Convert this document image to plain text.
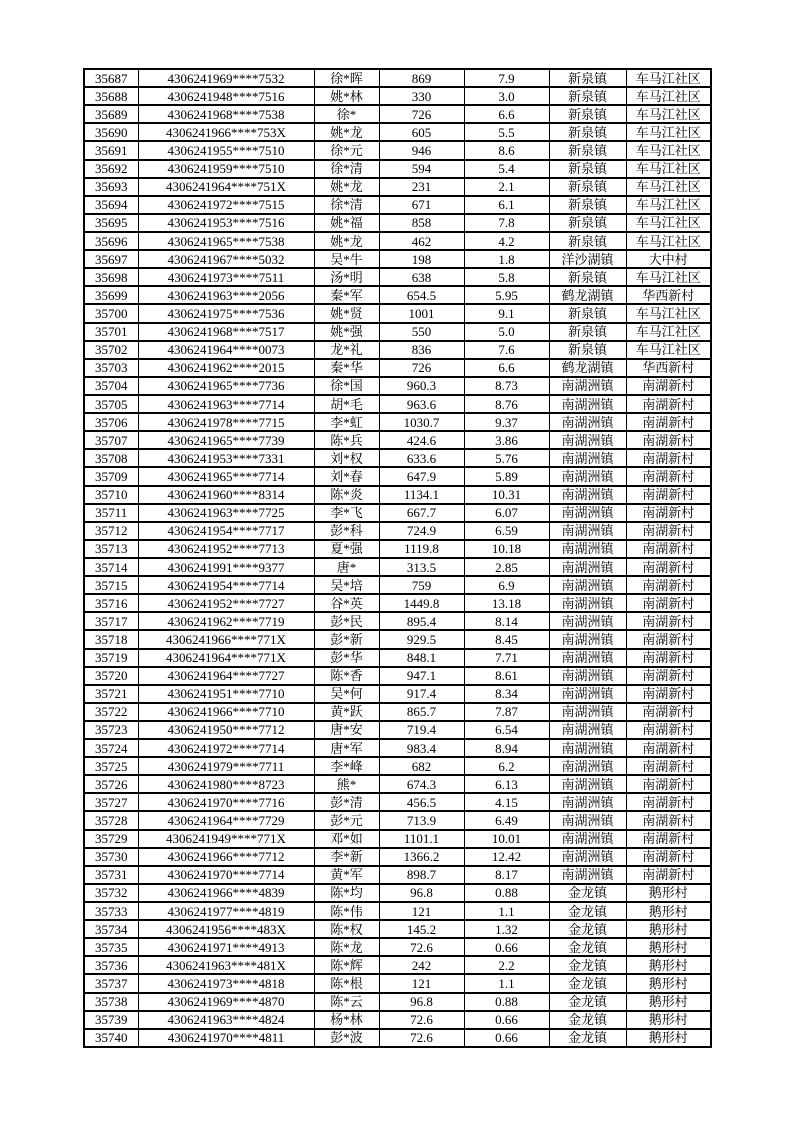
35687	4306241969****7532	徐*晖	869	7.9	新泉镇	车马江社区
35688	4306241948****7516	姚*林	330	3.0	新泉镇	车马江社区
35689	4306241968****7538	徐*	726	6.6	新泉镇	车马江社区
35690	4306241966****753X	姚*龙	605	5.5	新泉镇	车马江社区
35691	4306241955****7510	徐*元	946	8.6	新泉镇	车马江社区
35692	4306241959****7510	徐*清	594	5.4	新泉镇	车马江社区
35693	4306241964****751X	姚*龙	231	2.1	新泉镇	车马江社区
35694	4306241972****7515	徐*清	671	6.1	新泉镇	车马江社区
35695	4306241953****7516	姚*福	858	7.8	新泉镇	车马江社区
35696	4306241965****7538	姚*龙	462	4.2	新泉镇	车马江社区
35697	4306241967****5032	吴*牛	198	1.8	洋沙湖镇	大中村
35698	4306241973****7511	汤*明	638	5.8	新泉镇	车马江社区
35699	4306241963****2056	秦*军	654.5	5.95	鹤龙湖镇	华西新村
35700	4306241975****7536	姚*贤	1001	9.1	新泉镇	车马江社区
35701	4306241968****7517	姚*强	550	5.0	新泉镇	车马江社区
35702	4306241964****0073	龙*礼	836	7.6	新泉镇	车马江社区
35703	4306241962****2015	秦*华	726	6.6	鹤龙湖镇	华西新村
35704	4306241965****7736	徐*国	960.3	8.73	南湖洲镇	南湖新村
35705	4306241963****7714	胡*毛	963.6	8.76	南湖洲镇	南湖新村
35706	4306241978****7715	李*虹	1030.7	9.37	南湖洲镇	南湖新村
35707	4306241965****7739	陈*兵	424.6	3.86	南湖洲镇	南湖新村
35708	4306241953****7331	刘*权	633.6	5.76	南湖洲镇	南湖新村
35709	4306241965****7714	刘*春	647.9	5.89	南湖洲镇	南湖新村
35710	4306241960****8314	陈*炎	1134.1	10.31	南湖洲镇	南湖新村
35711	4306241963****7725	李*飞	667.7	6.07	南湖洲镇	南湖新村
35712	4306241954****7717	彭*科	724.9	6.59	南湖洲镇	南湖新村
35713	4306241952****7713	夏*强	1119.8	10.18	南湖洲镇	南湖新村
35714	4306241991****9377	唐*	313.5	2.85	南湖洲镇	南湖新村
35715	4306241954****7714	吴*培	759	6.9	南湖洲镇	南湖新村
35716	4306241952****7727	谷*英	1449.8	13.18	南湖洲镇	南湖新村
35717	4306241962****7719	彭*民	895.4	8.14	南湖洲镇	南湖新村
35718	4306241966****771X	彭*新	929.5	8.45	南湖洲镇	南湖新村
35719	4306241964****771X	彭*华	848.1	7.71	南湖洲镇	南湖新村
35720	4306241964****7727	陈*香	947.1	8.61	南湖洲镇	南湖新村
35721	4306241951****7710	吴*何	917.4	8.34	南湖洲镇	南湖新村
35722	4306241966****7710	黄*跃	865.7	7.87	南湖洲镇	南湖新村
35723	4306241950****7712	唐*安	719.4	6.54	南湖洲镇	南湖新村
35724	4306241972****7714	唐*军	983.4	8.94	南湖洲镇	南湖新村
35725	4306241979****7711	李*峰	682	6.2	南湖洲镇	南湖新村
35726	4306241980****8723	熊*	674.3	6.13	南湖洲镇	南湖新村
35727	4306241970****7716	彭*清	456.5	4.15	南湖洲镇	南湖新村
35728	4306241964****7729	彭*元	713.9	6.49	南湖洲镇	南湖新村
35729	4306241949****771X	邓*如	1101.1	10.01	南湖洲镇	南湖新村
35730	4306241966****7712	李*新	1366.2	12.42	南湖洲镇	南湖新村
35731	4306241970****7714	黄*军	898.7	8.17	南湖洲镇	南湖新村
35732	4306241966****4839	陈*均	96.8	0.88	金龙镇	鹅形村
35733	4306241977****4819	陈*伟	121	1.1	金龙镇	鹅形村
35734	4306241956****483X	陈*权	145.2	1.32	金龙镇	鹅形村
35735	4306241971****4913	陈*龙	72.6	0.66	金龙镇	鹅形村
35736	4306241963****481X	陈*辉	242	2.2	金龙镇	鹅形村
35737	4306241973****4818	陈*根	121	1.1	金龙镇	鹅形村
35738	4306241969****4870	陈*云	96.8	0.88	金龙镇	鹅形村
35739	4306241963****4824	杨*林	72.6	0.66	金龙镇	鹅形村
35740	4306241970****4811	彭*波	72.6	0.66	金龙镇	鹅形村
